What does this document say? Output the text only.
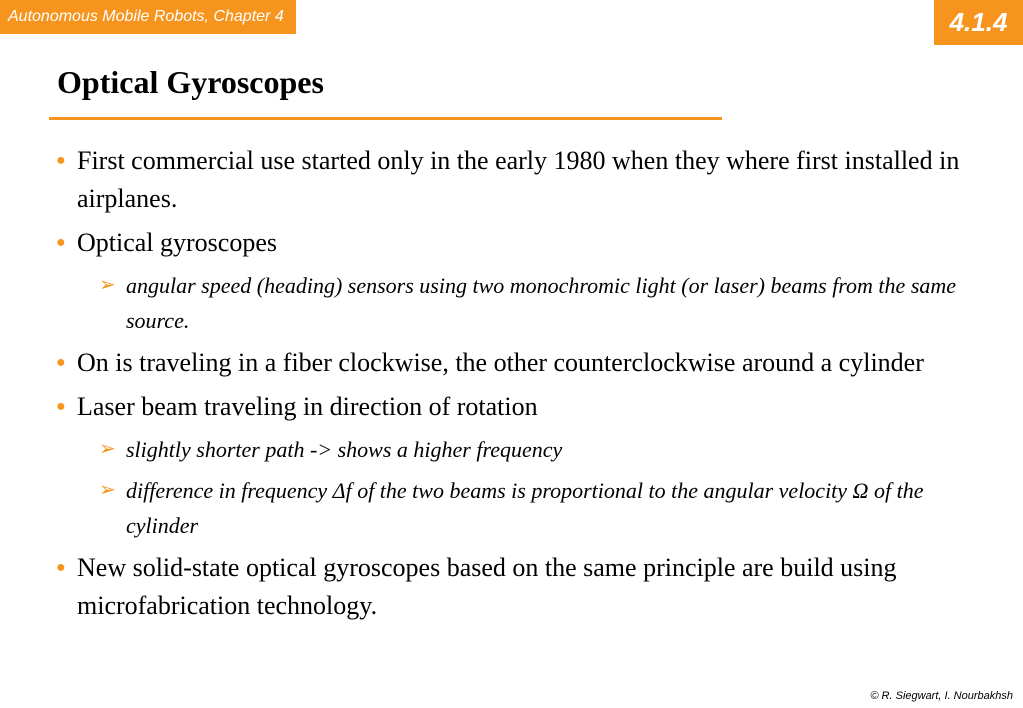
Autonomous Mobile Robots, Chapter 4	4.1.4
Optical Gyroscopes
● First commercial use started only in the early 1980 when they where first installed in airplanes.
● Optical gyroscopes
➢ angular speed (heading) sensors using two monochromic light (or laser) beams from the same source.
● On is traveling in a fiber clockwise, the other counterclockwise around a cylinder
● Laser beam traveling in direction of rotation
➢ slightly shorter path -> shows a higher frequency
➢ difference in frequency Δf of the two beams is proportional to the angular velocity Ω of the cylinder
● New solid-state optical gyroscopes based on the same principle are build using microfabrication technology.
© R. Siegwart, I. Nourbakhsh
